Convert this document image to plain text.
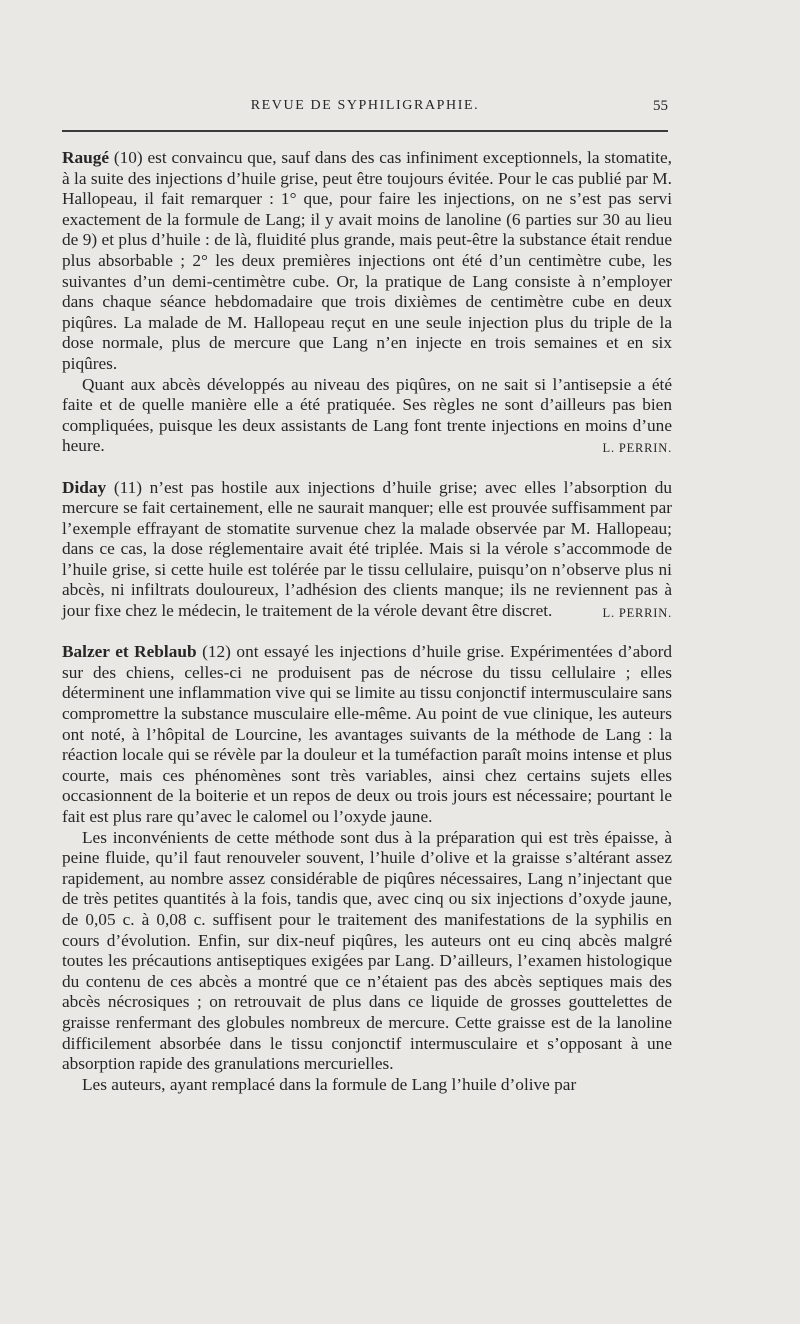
REVUE DE SYPHILIGRAPHIE.	55

Raugé (10) est convaincu que, sauf dans des cas infiniment exceptionnels, la stomatite, à la suite des injections d’huile grise, peut être toujours évitée. Pour le cas publié par M. Hallopeau, il fait remarquer : 1° que, pour faire les injections, on ne s’est pas servi exactement de la formule de Lang; il y avait moins de lanoline (6 parties sur 30 au lieu de 9) et plus d’huile : de là, fluidité plus grande, mais peut-être la substance était rendue plus absorbable ; 2° les deux premières injections ont été d’un centimètre cube, les suivantes d’un demi-centimètre cube. Or, la pratique de Lang consiste à n’employer dans chaque séance hebdomadaire que trois dixièmes de centimètre cube en deux piqûres. La malade de M. Hallopeau reçut en une seule injection plus du triple de la dose normale, plus de mercure que Lang n’en injecte en trois semaines et en six piqûres.

Quant aux abcès développés au niveau des piqûres, on ne sait si l’antisepsie a été faite et de quelle manière elle a été pratiquée. Ses règles ne sont d’ailleurs pas bien compliquées, puisque les deux assistants de Lang font trente injections en moins d’une heure.	L. PERRIN.

Diday (11) n’est pas hostile aux injections d’huile grise; avec elles l’absorption du mercure se fait certainement, elle ne saurait manquer; elle est prouvée suffisamment par l’exemple effrayant de stomatite survenue chez la malade observée par M. Hallopeau; dans ce cas, la dose réglementaire avait été triplée. Mais si la vérole s’accommode de l’huile grise, si cette huile est tolérée par le tissu cellulaire, puisqu’on n’observe plus ni abcès, ni infiltrats douloureux, l’adhésion des clients manque; ils ne reviennent pas à jour fixe chez le médecin, le traitement de la vérole devant être discret.	L. PERRIN.

Balzer et Reblaub (12) ont essayé les injections d’huile grise. Expérimentées d’abord sur des chiens, celles-ci ne produisent pas de nécrose du tissu cellulaire ; elles déterminent une inflammation vive qui se limite au tissu conjonctif intermusculaire sans compromettre la substance musculaire elle-même. Au point de vue clinique, les auteurs ont noté, à l’hôpital de Lourcine, les avantages suivants de la méthode de Lang : la réaction locale qui se révèle par la douleur et la tuméfaction paraît moins intense et plus courte, mais ces phénomènes sont très variables, ainsi chez certains sujets elles occasionnent de la boiterie et un repos de deux ou trois jours est nécessaire; pourtant le fait est plus rare qu’avec le calomel ou l’oxyde jaune.

Les inconvénients de cette méthode sont dus à la préparation qui est très épaisse, à peine fluide, qu’il faut renouveler souvent, l’huile d’olive et la graisse s’altérant assez rapidement, au nombre assez considérable de piqûres nécessaires, Lang n’injectant que de très petites quantités à la fois, tandis que, avec cinq ou six injections d’oxyde jaune, de 0,05 c. à 0,08 c. suffisent pour le traitement des manifestations de la syphilis en cours d’évolution. Enfin, sur dix-neuf piqûres, les auteurs ont eu cinq abcès malgré toutes les précautions antiseptiques exigées par Lang. D’ailleurs, l’examen histologique du contenu de ces abcès a montré que ce n’étaient pas des abcès septiques mais des abcès nécrosiques ; on retrouvait de plus dans ce liquide de grosses gouttelettes de graisse renfermant des globules nombreux de mercure. Cette graisse est de la lanoline difficilement absorbée dans le tissu conjonctif intermusculaire et s’opposant à une absorption rapide des granulations mercurielles.

Les auteurs, ayant remplacé dans la formule de Lang l’huile d’olive par
